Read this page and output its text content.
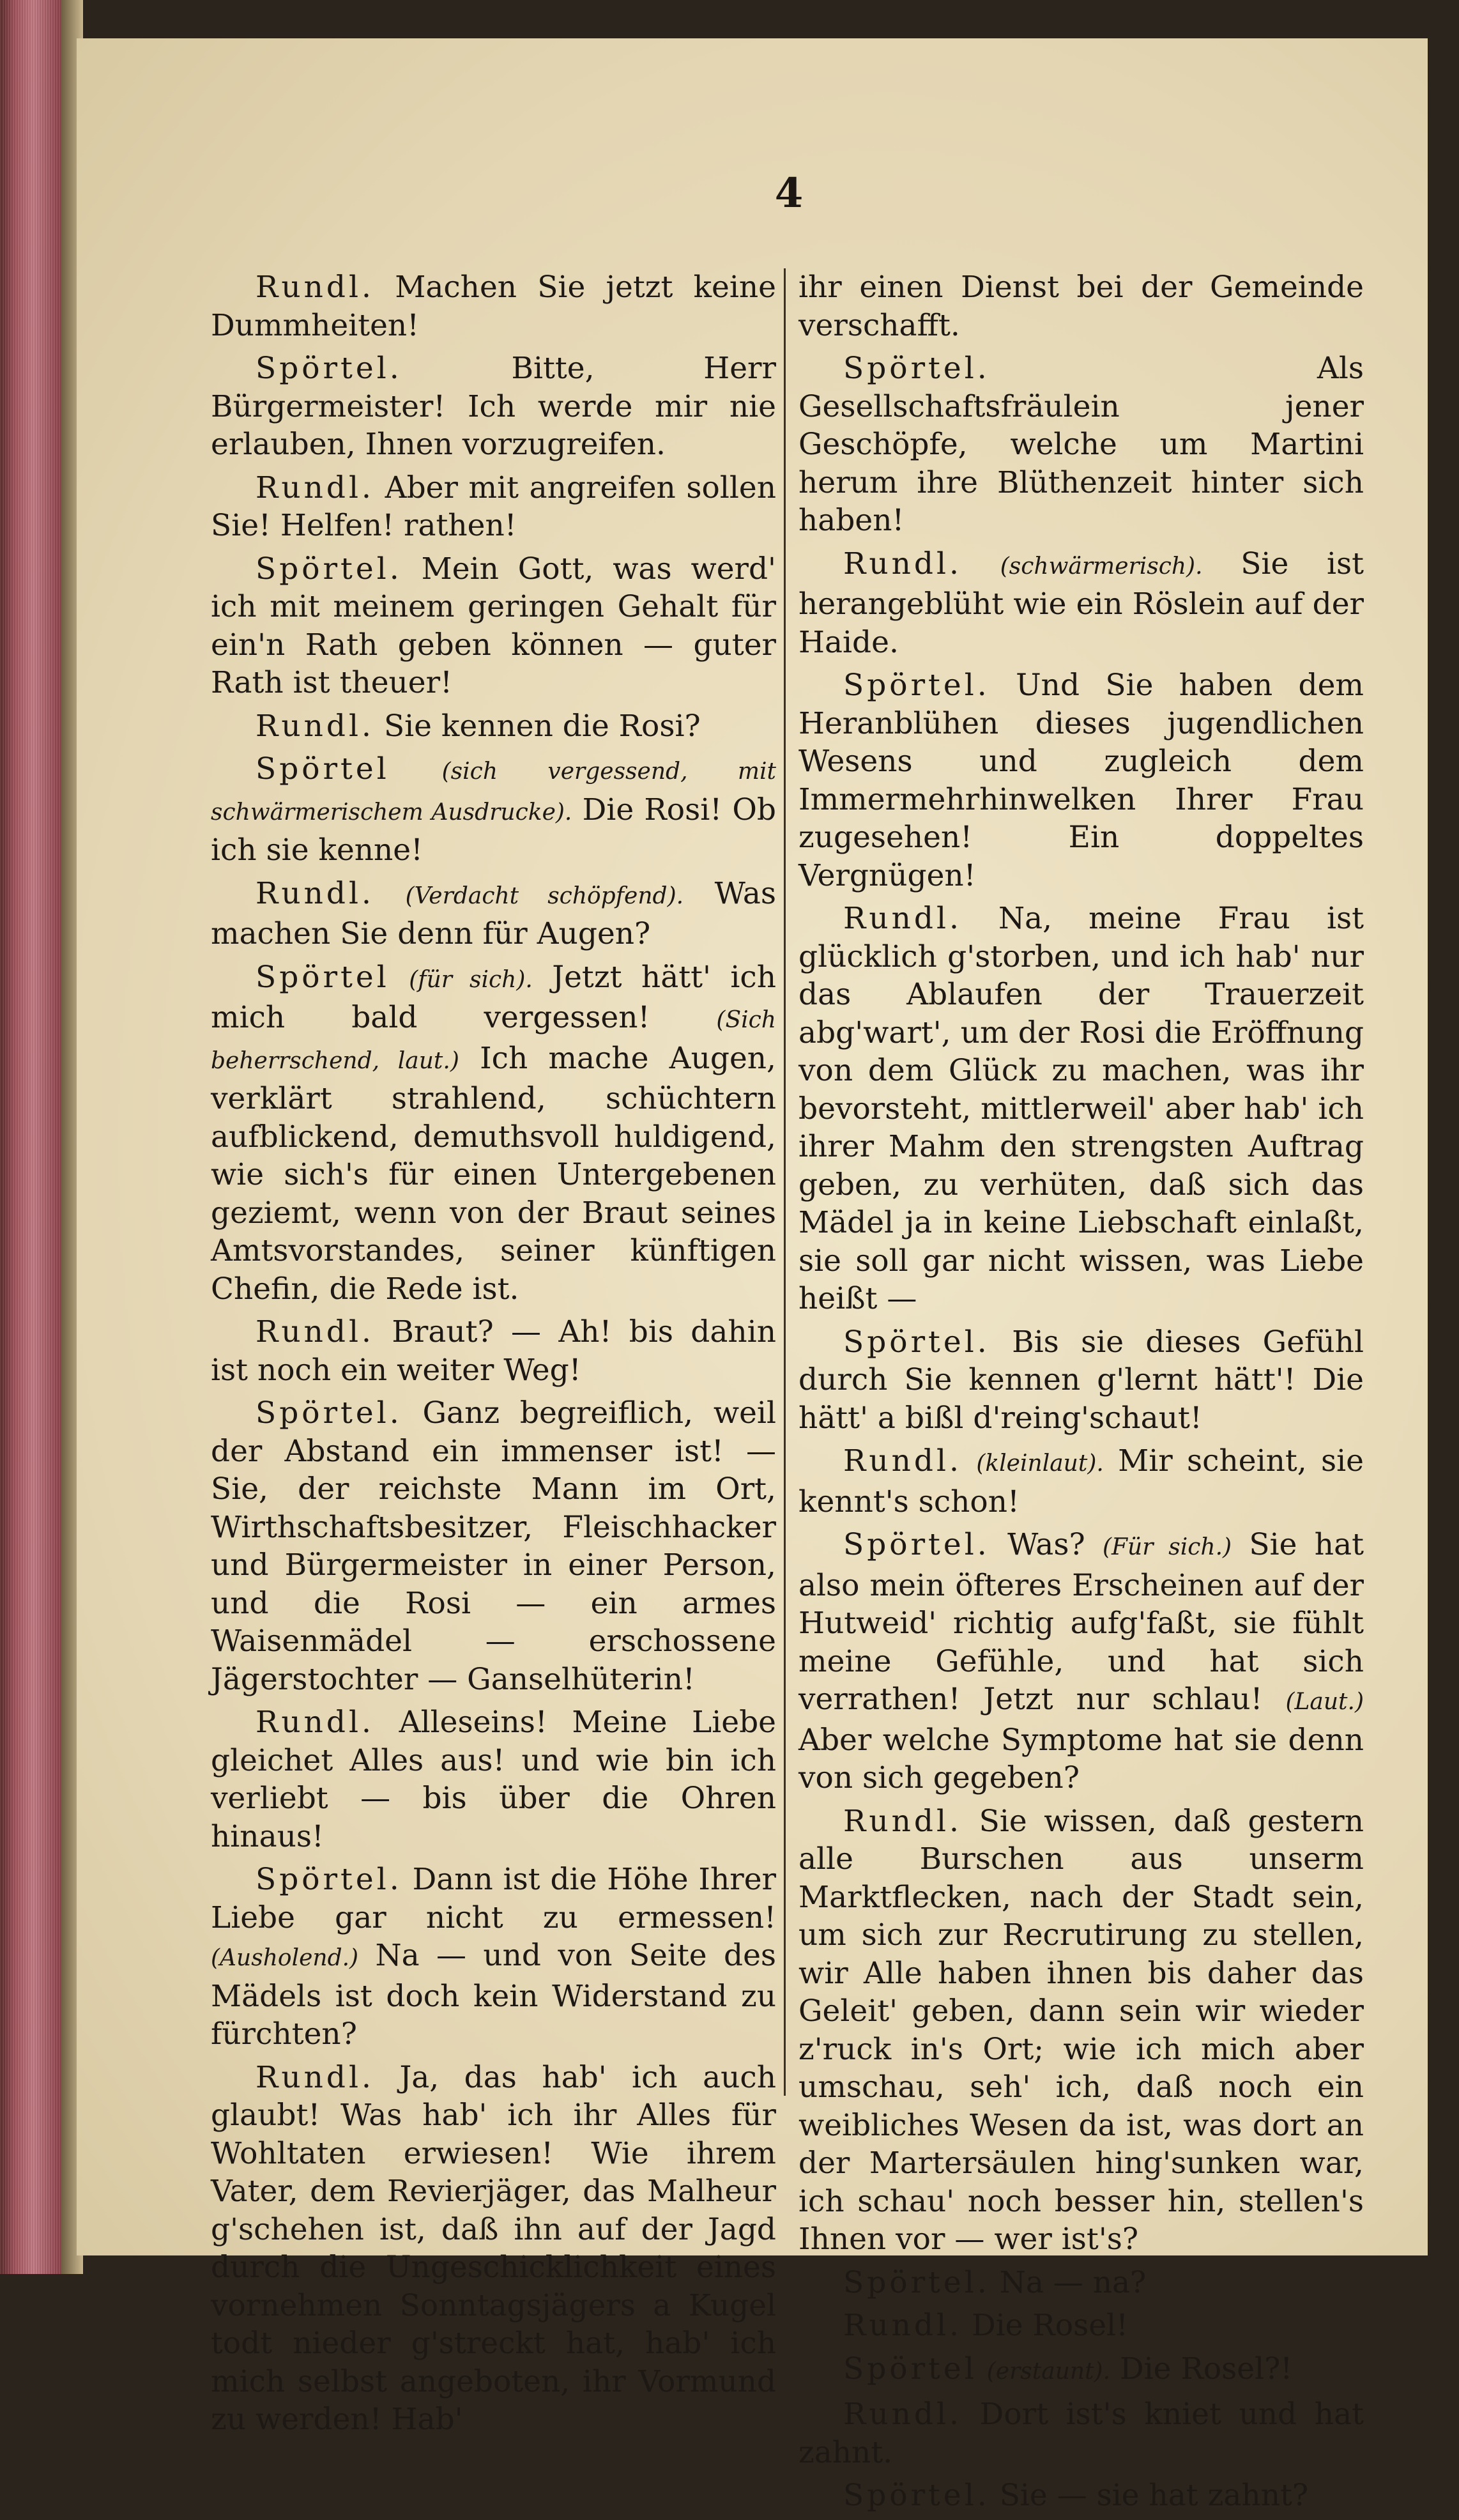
4

Rundl. Machen Sie jetzt keine Dummheiten!

Spörtel.	Bitte, Herr Bürgermeister! Ich werde mir nie erlauben, Ihnen vorzugreifen.

Rundl. Aber mit angreifen sollen Sie! Helfen! rathen!

Spörtel. Mein Gott, was werd' ich mit meinem geringen Gehalt für ein'n Rath geben können — guter Rath ist theuer!

Rundl. Sie kennen die Rosi?

Spörtel (sich vergessend, mit schwärmerischem Ausdrucke). Die Rosi! Ob ich sie kenne!

Rundl. (Verdacht schöpfend). Was machen Sie denn für Augen?

Spörtel (für sich). Jetzt hätt' ich mich bald vergessen! (Sich beherrschend, laut.) Ich mache Augen, verklärt strahlend, schüchtern aufblickend, demuthsvoll huldigend, wie sich's für einen Untergebenen geziemt, wenn von der Braut seines Amtsvorstandes, seiner künftigen Chefin, die Rede ist.

Rundl. Braut? — Ah! bis dahin ist noch ein weiter Weg!

Spörtel. Ganz begreiflich, weil der Abstand ein immenser ist! — Sie, der reichste Mann im Ort, Wirthschaftsbesitzer, Fleischhacker und Bürgermeister in einer Person, und die Rosi — ein armes Waisenmädel — erschossene Jägerstochter — Ganselhüterin!

Rundl. Alleseins! Meine Liebe gleichet Alles aus! und wie bin ich verliebt — bis über die Ohren hinaus!

Spörtel. Dann ist die Höhe Ihrer Liebe gar nicht zu ermessen! (Ausholend.) Na — und von Seite des Mädels ist doch kein Widerstand zu fürchten?

Rundl. Ja, das hab' ich auch glaubt! Was hab' ich ihr Alles für Wohltaten erwiesen! Wie ihrem Vater, dem Revierjäger, das Malheur g'schehen ist, daß ihn auf der Jagd durch die Ungeschicklichkeit eines vornehmen Sonntagsjägers a Kugel todt nieder g'streckt hat, hab' ich mich selbst angeboten, ihr Vormund zu werden! Hab'

ihr einen Dienst bei der Gemeinde verschafft.

Spörtel.	Als Gesellschaftsfräulein jener Geschöpfe, welche um Martini herum ihre Blüthenzeit hinter sich haben!

Rundl. (schwärmerisch). Sie ist herangeblüht wie ein Röslein auf der Haide.

Spörtel. Und Sie haben dem Heranblühen dieses jugendlichen Wesens und zugleich dem Immermehrhinwelken Ihrer Frau zugesehen! Ein doppeltes Vergnügen!

Rundl. Na, meine Frau ist glücklich g'storben, und ich hab' nur das Ablaufen der Trauerzeit abg'wart', um der Rosi die Eröffnung von dem Glück zu machen, was ihr bevorsteht, mittlerweil' aber hab' ich ihrer Mahm den strengsten Auftrag geben, zu verhüten, daß sich das Mädel ja in keine Liebschaft einlaßt, sie soll gar nicht wissen, was Liebe heißt —

Spörtel. Bis sie dieses Gefühl durch Sie kennen g'lernt hätt'! Die hätt' a bißl d'reing'schaut!

Rundl. (kleinlaut). Mir scheint, sie kennt's schon!

Spörtel. Was? (Für sich.) Sie hat also mein öfteres Erscheinen auf der Hutweid' richtig aufg'faßt, sie fühlt meine Gefühle, und hat sich verrathen! Jetzt nur schlau! (Laut.) Aber welche Symptome hat sie denn von sich gegeben?

Rundl. Sie wissen, daß gestern alle Burschen aus unserm Marktflecken, nach der Stadt sein, um sich zur Recrutirung zu stellen, wir Alle haben ihnen bis daher das Geleit' geben, dann sein wir wieder z'ruck in's Ort; wie ich mich aber umschau, seh' ich, daß noch ein weibliches Wesen da ist, was dort an der Martersäulen hing'sunken war, ich schau' noch besser hin, stellen's Ihnen vor — wer ist's?

Spörtel. Na — na?

Rundl. Die Rosel!

Spörtel (erstaunt). Die Rosel?!

Rundl. Dort ist's kniet und hat zahnt.

Spörtel. Sie — sie hat zahnt?
